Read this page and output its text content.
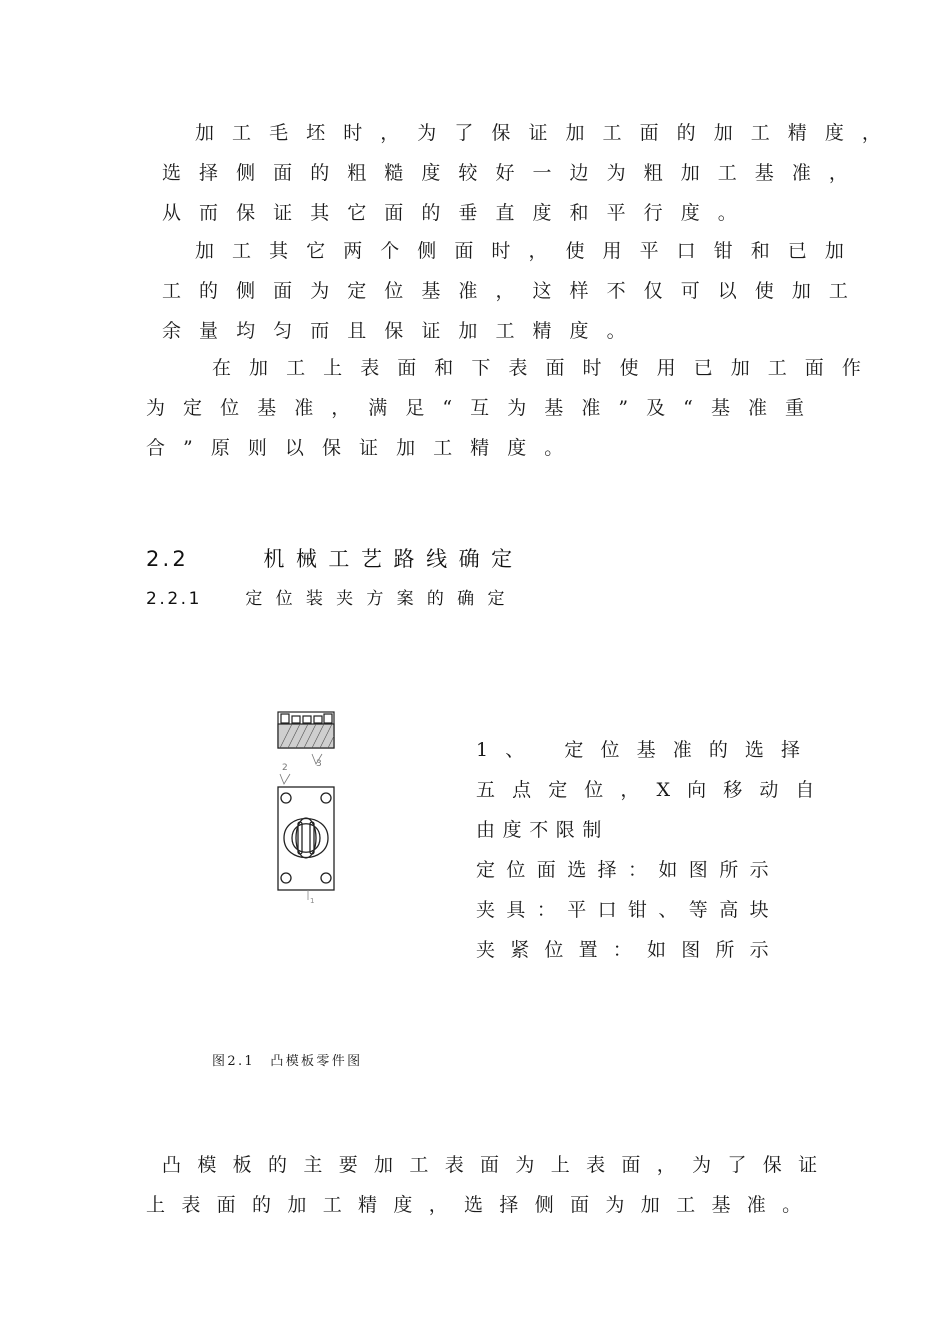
加工毛坯时，为了保证加工面的加工精度，
选择侧面的粗糙度较好一边为粗加工基准，
从而保证其它面的垂直度和平行度。
加工其它两个侧面时，使用平口钳和已加
工的侧面为定位基准，这样不仅可以使加工
余量均匀而且保证加工精度。
在加工上表面和下表面时使用已加工面作
为定位基准，满足“互为基准”及“基准重
合”原则以保证加工精度。
2.2	机械工艺路线确定
2.2.1	定位装夹方案的确定
2	3
1
1、 定位基准的选择
五点定位，X向移动自
由度不限制
定位面选择：如图所示
夹具：平口钳、等高块
夹紧位置：如图所示
图2.1　凸模板零件图
凸模板的主要加工表面为上表面，为了保证
上表面的加工精度，选择侧面为加工基准。
